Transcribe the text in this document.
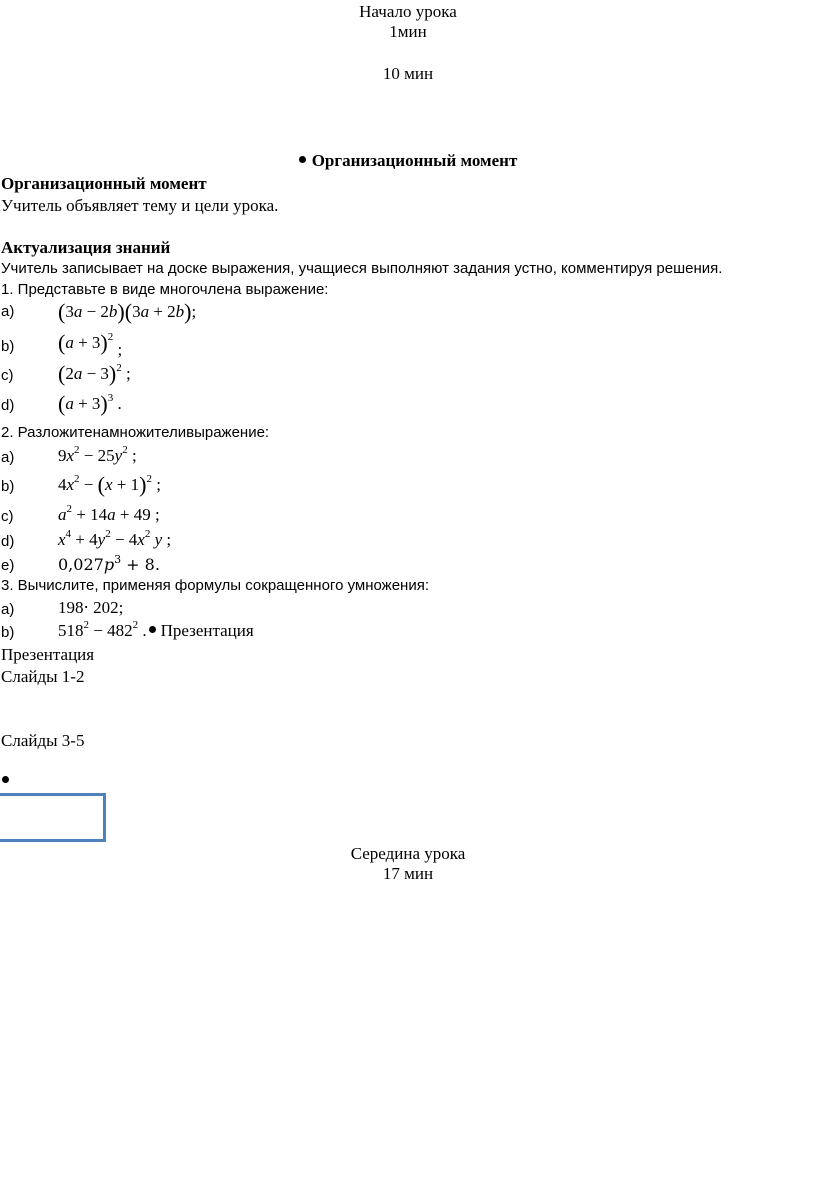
Начало урока
1мин
10 мин
Организационный момент
Организационный момент
Учитель объявляет тему и цели урока.
Актуализация знаний
Учитель записывает на доске выражения, учащиеся выполняют задания устно, комментируя решения.
1. Представьте в виде многочлена выражение:
а) (3a − 2b)(3a + 2b);
b) $(a + 3)^2$ ;
с) $(2a - 3)^2$ ;
d) $(a + 3)^3$ .
2. Разложитенамножителивыражение:
а)	$9x^2 - 25y^2$ ;
b)	$4x^2 - (x + 1)^2$ ;
с)	$a^2 + 14a + 49$ ;
d)	$x^4 + 4y^2 - 4x^2$ y ;
е)	$0,027p^3 + 8$.
3. Вычислите, применяя формулы сокращенного умножения:
а)	198⋅ 202;
b)	$518^2 - 482^2$ . Презентация
Презентация
Слайды 1-2
Слайды 3-5
Середина урока
17 мин
